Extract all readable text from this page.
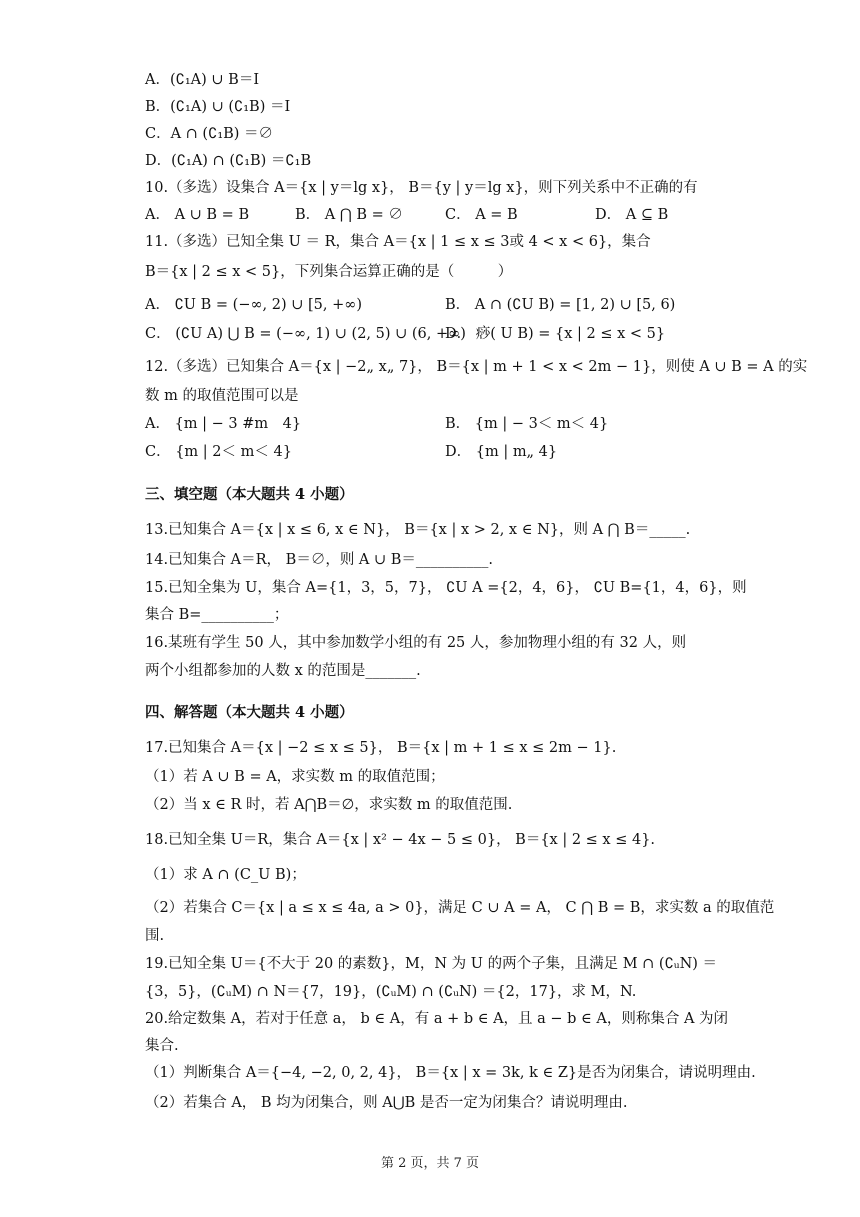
A．(∁₁A) ∪ B＝I
B．(∁₁A) ∪ (∁₁B) ＝I
C．A ∩ (∁₁B) ＝∅
D．(∁₁A) ∩ (∁₁B) ＝∁₁B
10.（多选）设集合 A＝{x | y＝lg x}， B＝{y | y＝lg x}，则下列关系中不正确的有
A． A ∪ B = B	B． A ⋂ B = ∅	C． A = B	D． A ⊆ B
11.（多选）已知全集 U ＝ R，集合 A＝{x | 1 ≤ x ≤ 3或 4 < x < 6}，集合
B＝{x | 2 ≤ x < 5}，下列集合运算正确的是（　　　）
A． ∁U B = (−∞, 2) ∪ [5, +∞)	B． A ∩ (∁U B) = [1, 2) ∪ [5, 6)
C． (∁U A) ⋃ B = (−∞, 1) ∪ (2, 5) ∪ (6, +∞)
D． 痧( U B) = {x | 2 ≤ x < 5}
12.（多选）已知集合 A＝{x | −2„ x„ 7}， B＝{x | m + 1 < x < 2m − 1}，则使 A ∪ B = A 的实
数 m 的取值范围可以是
A． {m | − 3 #m　4}	B． {m | − 3＜ m＜ 4}
C． {m | 2＜ m＜ 4}	D． {m | m„ 4}
三、填空题（本大题共 4 小题）
13.已知集合 A＝{x | x ≤ 6, x ∈ N}， B＝{x | x > 2, x ∈ N}，则 A ⋂ B＝_____.
14.已知集合 A＝R， B＝∅，则 A ∪ B＝__________.
15.已知全集为 U，集合 A={1，3，5，7}， ∁U A ={2，4，6}， ∁U B={1，4，6}，则
集合 B=__________；
16.某班有学生 50 人，其中参加数学小组的有 25 人，参加物理小组的有 32 人，则
两个小组都参加的人数 x 的范围是_______.
四、解答题（本大题共 4 小题）
17.已知集合 A＝{x | −2 ≤ x ≤ 5}， B＝{x | m + 1 ≤ x ≤ 2m − 1}.
（1）若 A ∪ B = A，求实数 m 的取值范围；
（2）当 x ∈ R 时，若 A⋂B＝∅，求实数 m 的取值范围.
18.已知全集 U＝R，集合 A＝{x | x² − 4x − 5 ≤ 0}， B＝{x | 2 ≤ x ≤ 4}.
（1）求 A ∩ (C_U B)；
（2）若集合 C＝{x | a ≤ x ≤ 4a, a > 0}，满足 C ∪ A = A， C ⋂ B = B，求实数 a 的取值范
围.
19.已知全集 U＝{不大于 20 的素数}，M，N 为 U 的两个子集，且满足 M ∩ (∁ᵤN) ＝
{3，5}，(∁ᵤM) ∩ N＝{7，19}，(∁ᵤM) ∩ (∁ᵤN) ＝{2，17}，求 M，N.
20.给定数集 A，若对于任意 a， b ∈ A，有 a + b ∈ A，且 a − b ∈ A，则称集合 A 为闭
集合.
（1）判断集合 A＝{−4, −2, 0, 2, 4}， B＝{x | x = 3k, k ∈ Z}是否为闭集合，请说明理由.
（2）若集合 A， B 均为闭集合，则 A⋃B 是否一定为闭集合？请说明理由.
第 2 页，共 7 页
